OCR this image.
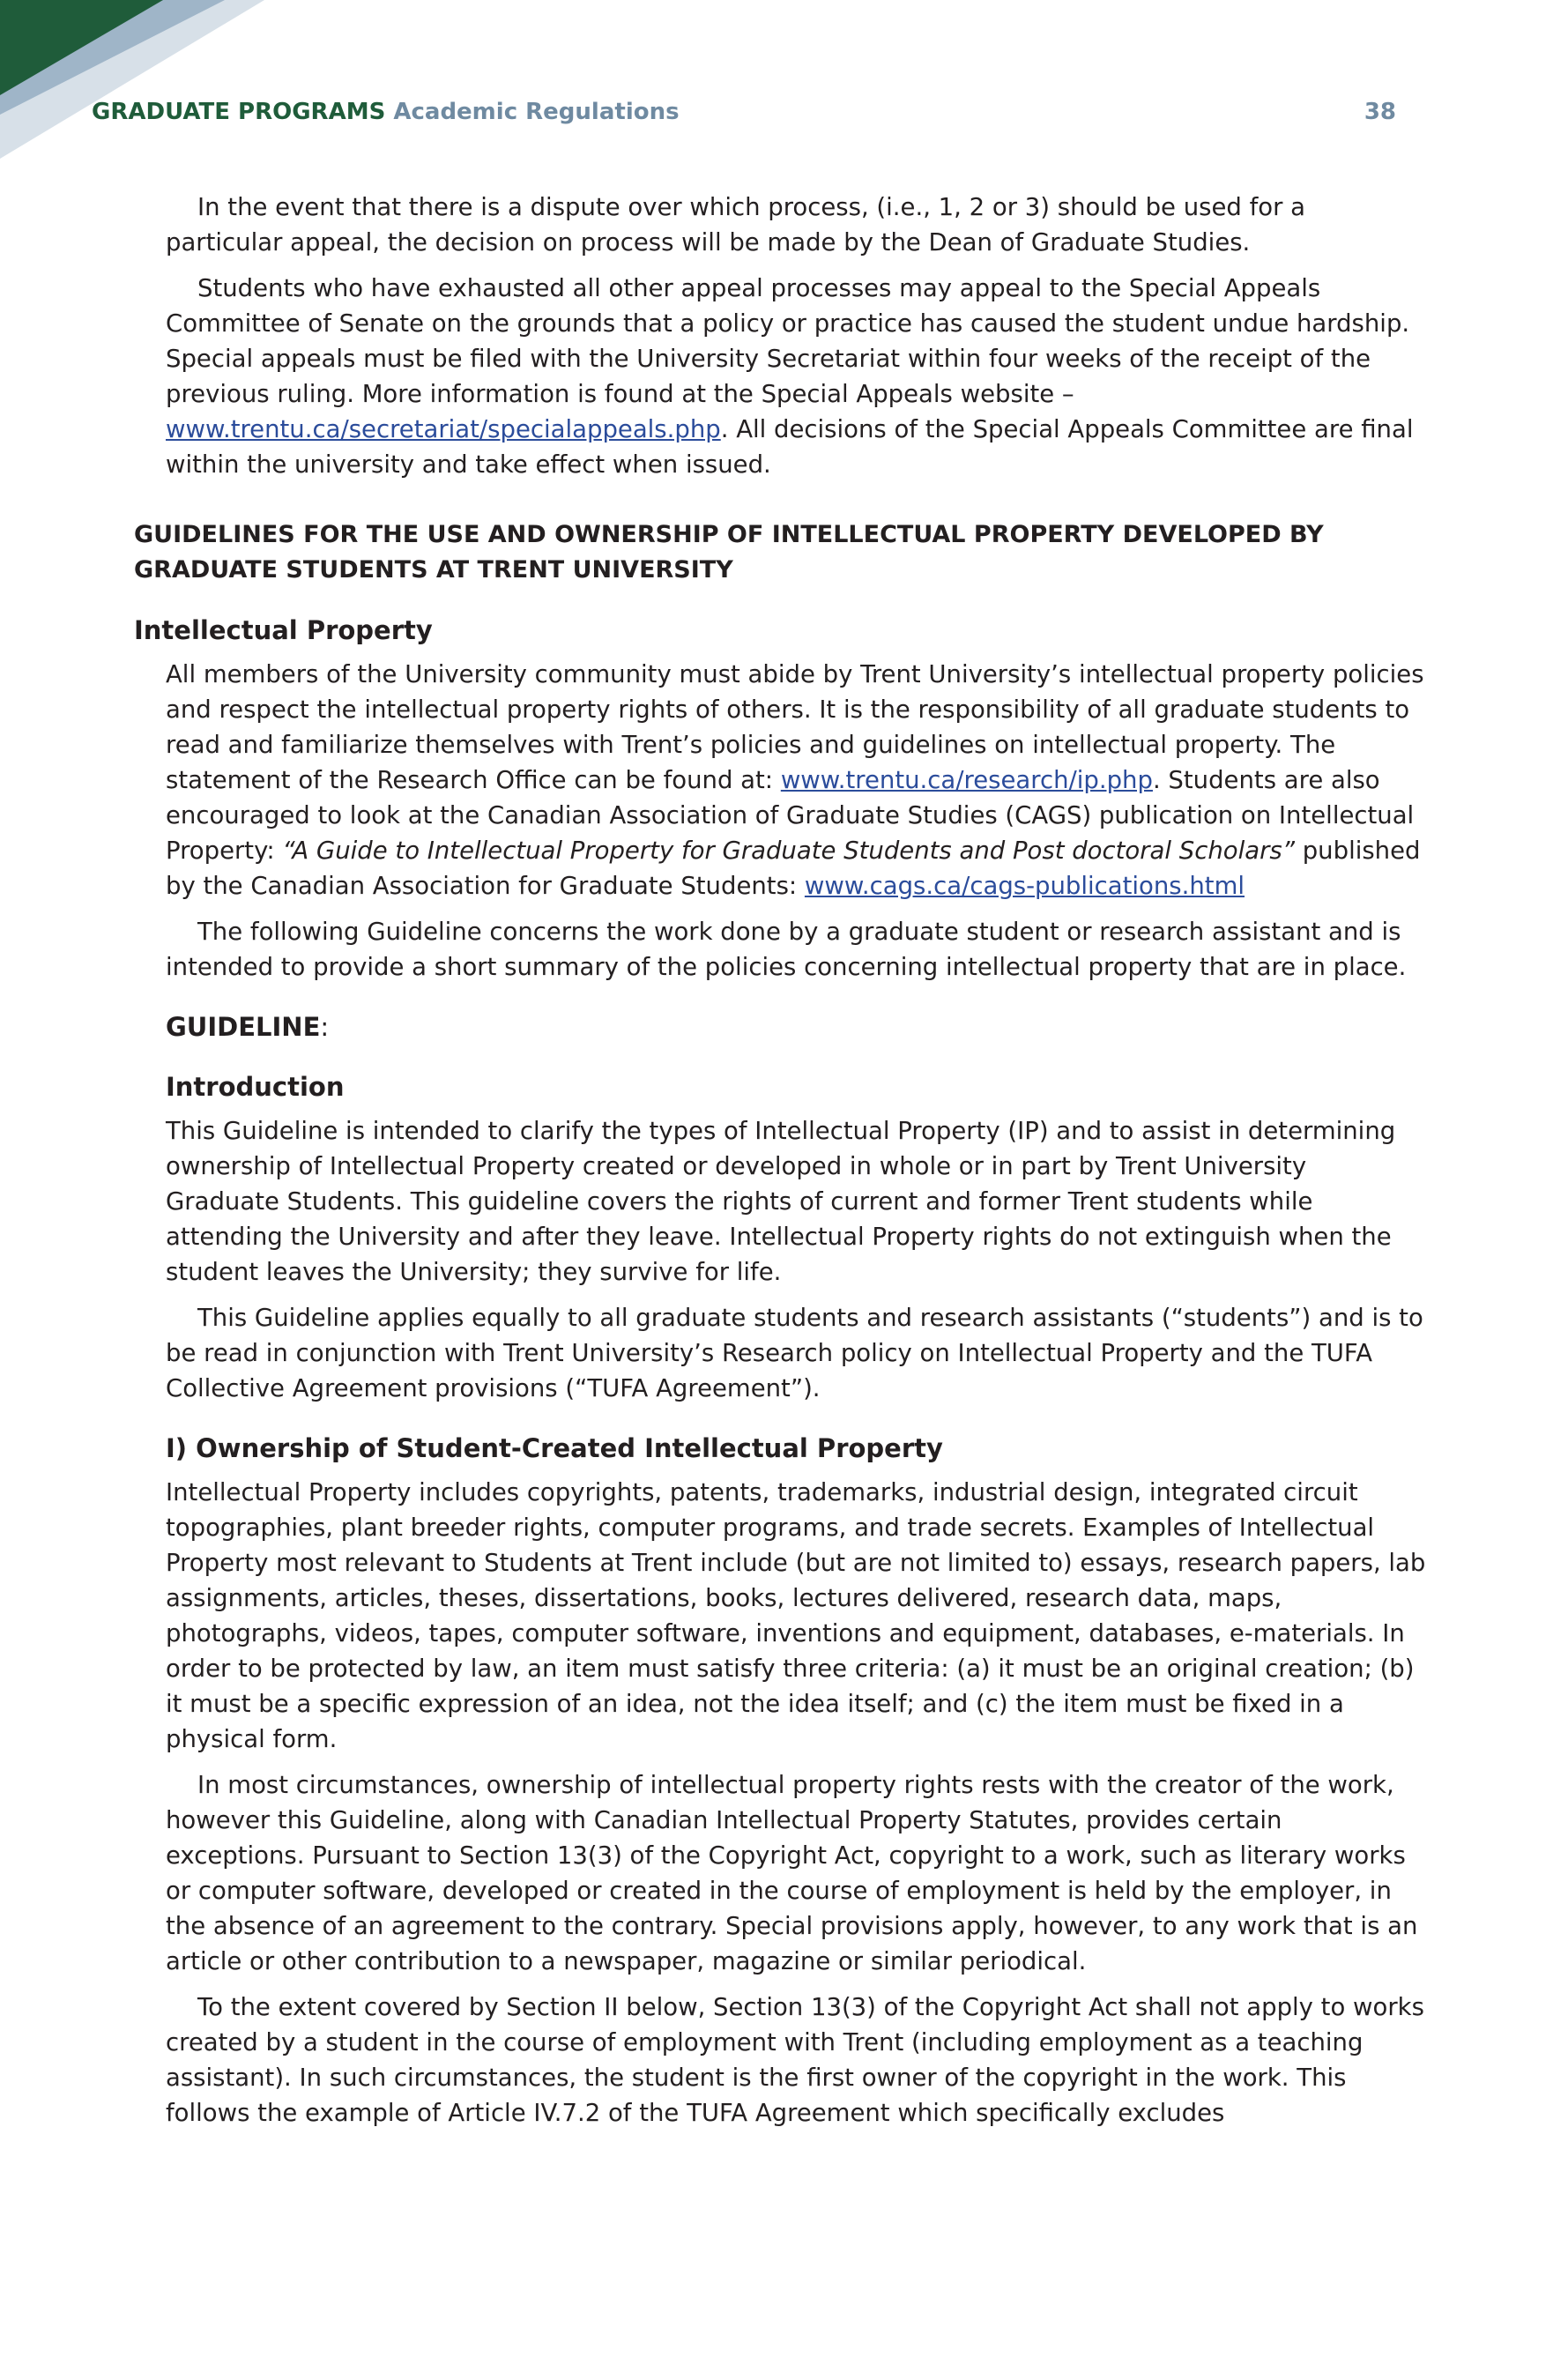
GRADUATE PROGRAMS Academic Regulations	38

In the event that there is a dispute over which process, (i.e., 1, 2 or 3) should be used for a particular appeal, the decision on process will be made by the Dean of Graduate Studies.

Students who have exhausted all other appeal processes may appeal to the Special Appeals Committee of Senate on the grounds that a policy or practice has caused the student undue hardship. Special appeals must be filed with the University Secretariat within four weeks of the receipt of the previous ruling. More information is found at the Special Appeals website – www.trentu.ca/secretariat/specialappeals.php. All decisions of the Special Appeals Committee are final within the university and take effect when issued.

GUIDELINES FOR THE USE AND OWNERSHIP OF INTELLECTUAL PROPERTY DEVELOPED BY GRADUATE STUDENTS AT TRENT UNIVERSITY
Intellectual Property

All members of the University community must abide by Trent University’s intellectual property policies and respect the intellectual property rights of others. It is the responsibility of all graduate students to read and familiarize themselves with Trent’s policies and guidelines on intellectual property. The statement of the Research Office can be found at: www.trentu.ca/research/ip.php. Students are also encouraged to look at the Canadian Association of Graduate Studies (CAGS) publication on Intellectual Property: “A Guide to Intellectual Property for Graduate Students and Post doctoral Scholars” published by the Canadian Association for Graduate Students: www.cags.ca/cags-publications.html

The following Guideline concerns the work done by a graduate student or research assistant and is intended to provide a short summary of the policies concerning intellectual property that are in place.

GUIDELINE:
Introduction

This Guideline is intended to clarify the types of Intellectual Property (IP) and to assist in determining ownership of Intellectual Property created or developed in whole or in part by Trent University Graduate Students. This guideline covers the rights of current and former Trent students while attending the University and after they leave. Intellectual Property rights do not extinguish when the student leaves the University; they survive for life.

This Guideline applies equally to all graduate students and research assistants (“students”) and is to be read in conjunction with Trent University’s Research policy on Intellectual Property and the TUFA Collective Agreement provisions (“TUFA Agreement”).

I) Ownership of Student-Created Intellectual Property

Intellectual Property includes copyrights, patents, trademarks, industrial design, integrated circuit topographies, plant breeder rights, computer programs, and trade secrets. Examples of Intellectual Property most relevant to Students at Trent include (but are not limited to) essays, research papers, lab assignments, articles, theses, dissertations, books, lectures delivered, research data, maps, photographs, videos, tapes, computer software, inventions and equipment, databases, e-materials. In order to be protected by law, an item must satisfy three criteria: (a) it must be an original creation; (b) it must be a specific expression of an idea, not the idea itself; and (c) the item must be fixed in a physical form.

In most circumstances, ownership of intellectual property rights rests with the creator of the work, however this Guideline, along with Canadian Intellectual Property Statutes, provides certain exceptions. Pursuant to Section 13(3) of the Copyright Act, copyright to a work, such as literary works or computer software, developed or created in the course of employment is held by the employer, in the absence of an agreement to the contrary. Special provisions apply, however, to any work that is an article or other contribution to a newspaper, magazine or similar periodical.

To the extent covered by Section II below, Section 13(3) of the Copyright Act shall not apply to works created by a student in the course of employment with Trent (including employment as a teaching assistant). In such circumstances, the student is the first owner of the copyright in the work. This follows the example of Article IV.7.2 of the TUFA Agreement which specifically excludes
